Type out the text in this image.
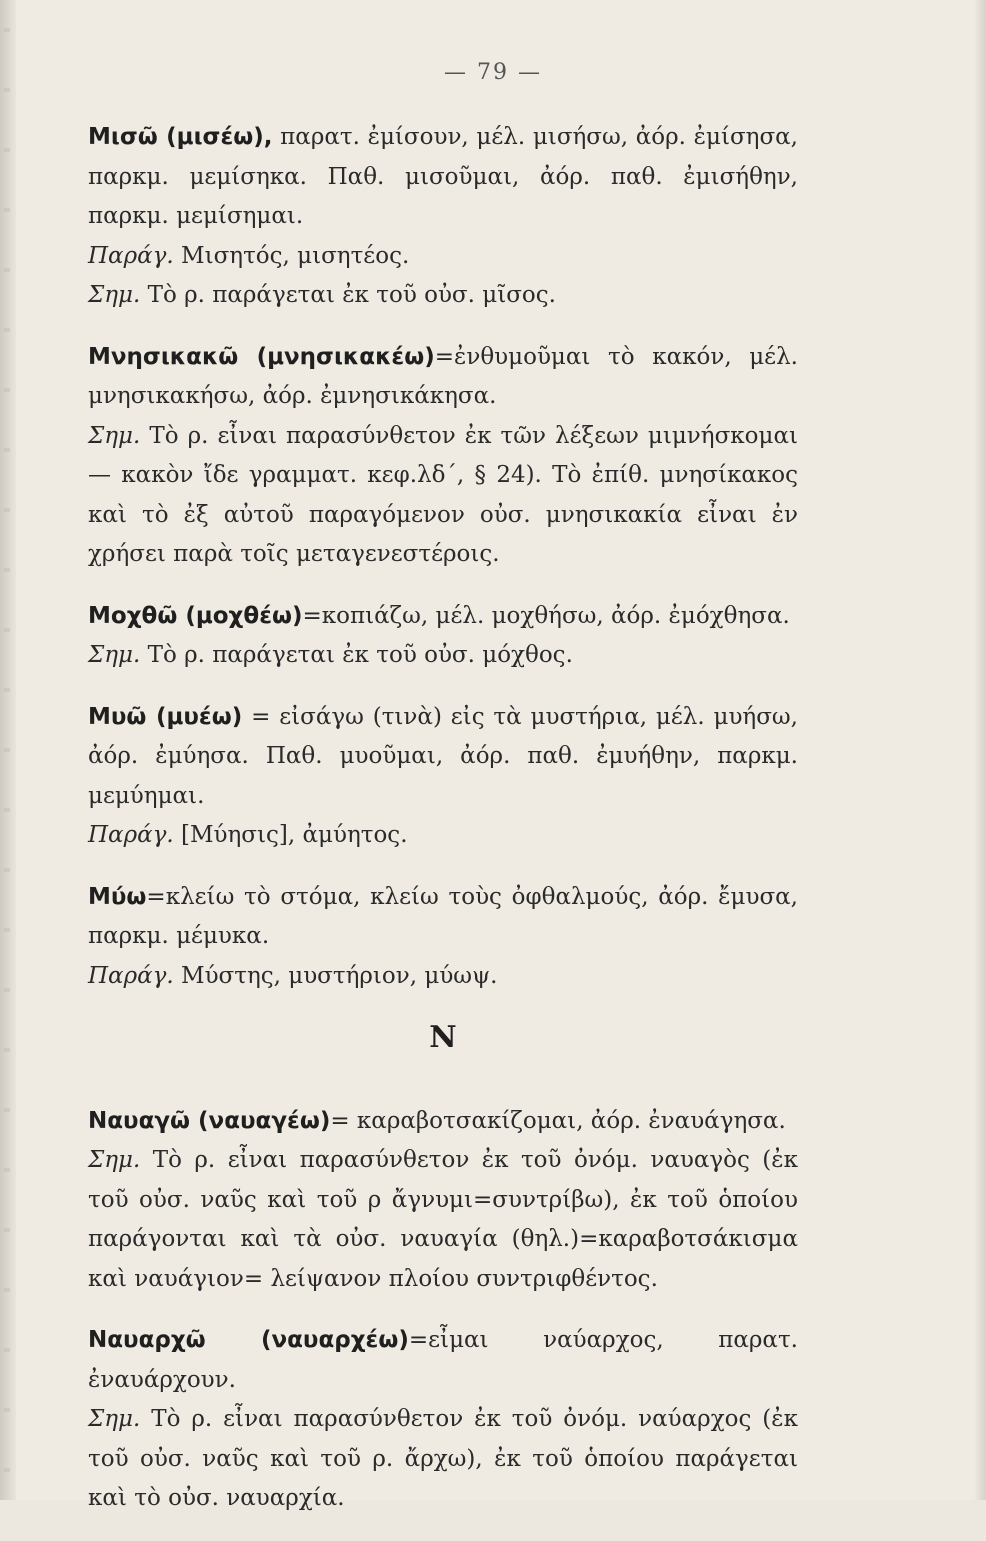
— 79 —

Μισῶ (μισέω), παρατ. ἐμίσουν, μέλ. μισήσω, ἀόρ. ἐμίσησα, παρκμ. μεμίσηκα. Παθ. μισοῦμαι, ἀόρ. παθ. ἐμισήθην, παρκμ. μεμίσημαι.

Παράγ. Μισητός, μισητέος.

Σημ. Τὸ ρ. παράγεται ἐκ τοῦ οὐσ. μῖσος.

Μνησικακῶ (μνησικακέω)=ἐνθυμοῦμαι τὸ κακόν, μέλ. μνησικακήσω, ἀόρ. ἐμνησικάκησα.

Σημ. Τὸ ρ. εἶναι παρασύνθετον ἐκ τῶν λέξεων μιμνήσκομαι — κακὸν ἴδε γραμματ. κεφ.λδ΄, § 24). Τὸ ἐπίθ. μνησίκακος καὶ τὸ ἐξ αὐτοῦ παραγόμενον οὐσ. μνησικακία εἶναι ἐν χρήσει παρὰ τοῖς μεταγενεστέροις.

Μοχθῶ (μοχθέω)=κοπιάζω, μέλ. μοχθήσω, ἀόρ. ἐμόχθησα.

Σημ. Τὸ ρ. παράγεται ἐκ τοῦ οὐσ. μόχθος.

Μυῶ (μυέω) = εἰσάγω (τινὰ) εἰς τὰ μυστήρια, μέλ. μυήσω, ἀόρ. ἐμύησα. Παθ. μυοῦμαι, ἀόρ. παθ. ἐμυήθην, παρκμ. μεμύημαι.

Παράγ. [Μύησις], ἀμύητος.

Μύω=κλείω τὸ στόμα, κλείω τοὺς ὀφθαλμούς, ἀόρ. ἔμυσα, παρκμ. μέμυκα.

Παράγ. Μύστης, μυστήριον, μύωψ.

Ν

Ναυαγῶ (ναυαγέω)= καραβοτσακίζομαι, ἀόρ. ἐναυάγησα.

Σημ. Τὸ ρ. εἶναι παρασύνθετον ἐκ τοῦ ὀνόμ. ναυαγὸς (ἐκ τοῦ οὐσ. ναῦς καὶ τοῦ ρ ἄγνυμι=συντρίβω), ἐκ τοῦ ὁποίου παράγονται καὶ τὰ οὐσ. ναυαγία (θηλ.)=καραβοτσάκισμα καὶ ναυάγιον= λείψανον πλοίου συντριφθέντος.

Ναυαρχῶ (ναυαρχέω)=εἶμαι ναύαρχος, παρατ. ἐναυάρχουν.

Σημ. Τὸ ρ. εἶναι παρασύνθετον ἐκ τοῦ ὀνόμ. ναύαρχος (ἐκ τοῦ οὐσ. ναῦς καὶ τοῦ ρ. ἄρχω), ἐκ τοῦ ὁποίου παράγεται καὶ τὸ οὐσ. ναυαρχία.
